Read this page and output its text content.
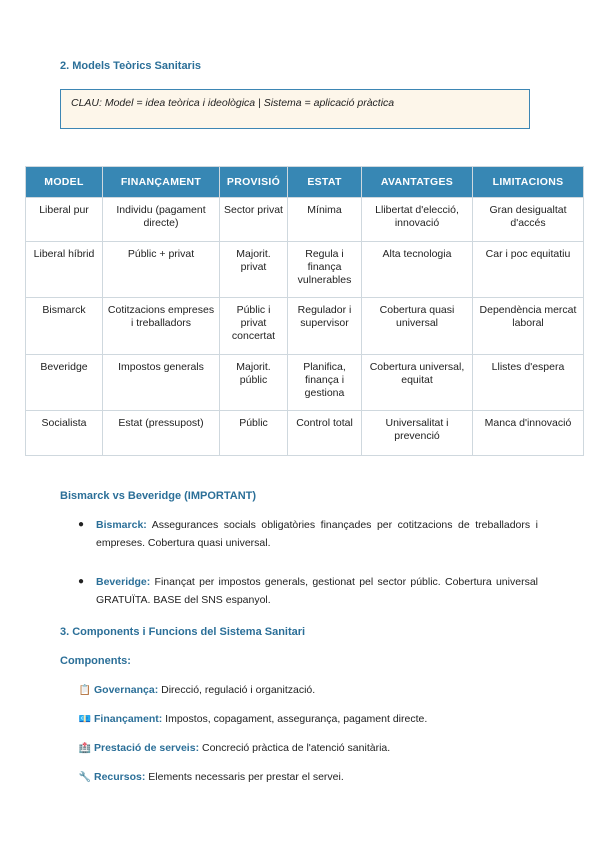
2. Models Teòrics Sanitaris
CLAU: Model = idea teòrica i ideològica | Sistema = aplicació pràctica
MODEL	FINANÇAMENT	PROVISIÓ	ESTAT	AVANTATGES	LIMITACIONS
Liberal pur	Individu (pagament directe)	Sector privat	Mínima	Llibertat d'elecció, innovació	Gran desigualtat d'accés
Liberal híbrid	Públic + privat	Majorit. privat	Regula i finança vulnerables	Alta tecnologia	Car i poc equitatiu
Bismarck	Cotitzacions empreses i treballadors	Públic i privat concertat	Regulador i supervisor	Cobertura quasi universal	Dependència mercat laboral
Beveridge	Impostos generals	Majorit. públic	Planifica, finança i gestiona	Cobertura universal, equitat	Llistes d'espera
Socialista	Estat (pressupost)	Públic	Control total	Universalitat i prevenció	Manca d'innovació
Bismarck vs Beveridge (IMPORTANT)
● Bismarck: Assegurances socials obligatòries finançades per cotitzacions de treballadors i empreses. Cobertura quasi universal.
● Beveridge: Finançat per impostos generals, gestionat pel sector públic. Cobertura universal GRATUÏTA. BASE del SNS espanyol.
3. Components i Funcions del Sistema Sanitari
Components:
📋 Governança: Direcció, regulació i organització.
💶 Finançament: Impostos, copagament, assegurança, pagament directe.
🏥 Prestació de serveis: Concreció pràctica de l'atenció sanitària.
🔧 Recursos: Elements necessaris per prestar el servei.
